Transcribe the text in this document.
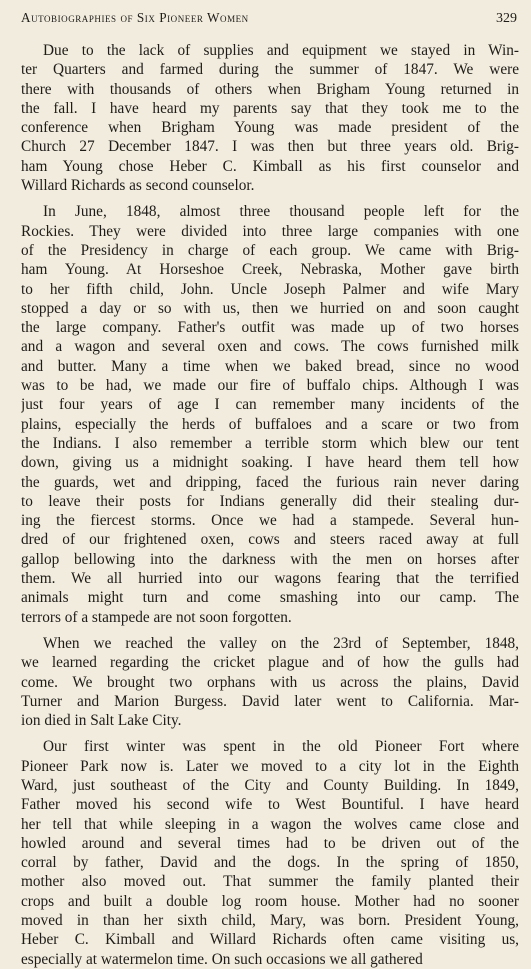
Autobiographies of Six Pioneer Women	329
Due to the lack of supplies and equipment we stayed in Win-
ter Quarters and farmed during the summer of 1847. We were
there with thousands of others when Brigham Young returned in
the fall. I have heard my parents say that they took me to the
conference when Brigham Young was made president of the
Church 27 December 1847. I was then but three years old. Brig-
ham Young chose Heber C. Kimball as his first counselor and
Willard Richards as second counselor.
In June, 1848, almost three thousand people left for the
Rockies. They were divided into three large companies with one
of the Presidency in charge of each group. We came with Brig-
ham Young. At Horseshoe Creek, Nebraska, Mother gave birth
to her fifth child, John. Uncle Joseph Palmer and wife Mary
stopped a day or so with us, then we hurried on and soon caught
the large company. Father's outfit was made up of two horses
and a wagon and several oxen and cows. The cows furnished milk
and butter. Many a time when we baked bread, since no wood
was to be had, we made our fire of buffalo chips. Although I was
just four years of age I can remember many incidents of the
plains, especially the herds of buffaloes and a scare or two from
the Indians. I also remember a terrible storm which blew our tent
down, giving us a midnight soaking. I have heard them tell how
the guards, wet and dripping, faced the furious rain never daring
to leave their posts for Indians generally did their stealing dur-
ing the fiercest storms. Once we had a stampede. Several hun-
dred of our frightened oxen, cows and steers raced away at full
gallop bellowing into the darkness with the men on horses after
them. We all hurried into our wagons fearing that the terrified
animals might turn and come smashing into our camp. The
terrors of a stampede are not soon forgotten.
When we reached the valley on the 23rd of September, 1848,
we learned regarding the cricket plague and of how the gulls had
come. We brought two orphans with us across the plains, David
Turner and Marion Burgess. David later went to California. Mar-
ion died in Salt Lake City.
Our first winter was spent in the old Pioneer Fort where
Pioneer Park now is. Later we moved to a city lot in the Eighth
Ward, just southeast of the City and County Building. In 1849,
Father moved his second wife to West Bountiful. I have heard
her tell that while sleeping in a wagon the wolves came close and
howled around and several times had to be driven out of the
corral by father, David and the dogs. In the spring of 1850,
mother also moved out. That summer the family planted their
crops and built a double log room house. Mother had no sooner
moved in than her sixth child, Mary, was born. President Young,
Heber C. Kimball and Willard Richards often came visiting us,
especially at watermelon time. On such occasions we all gathered
